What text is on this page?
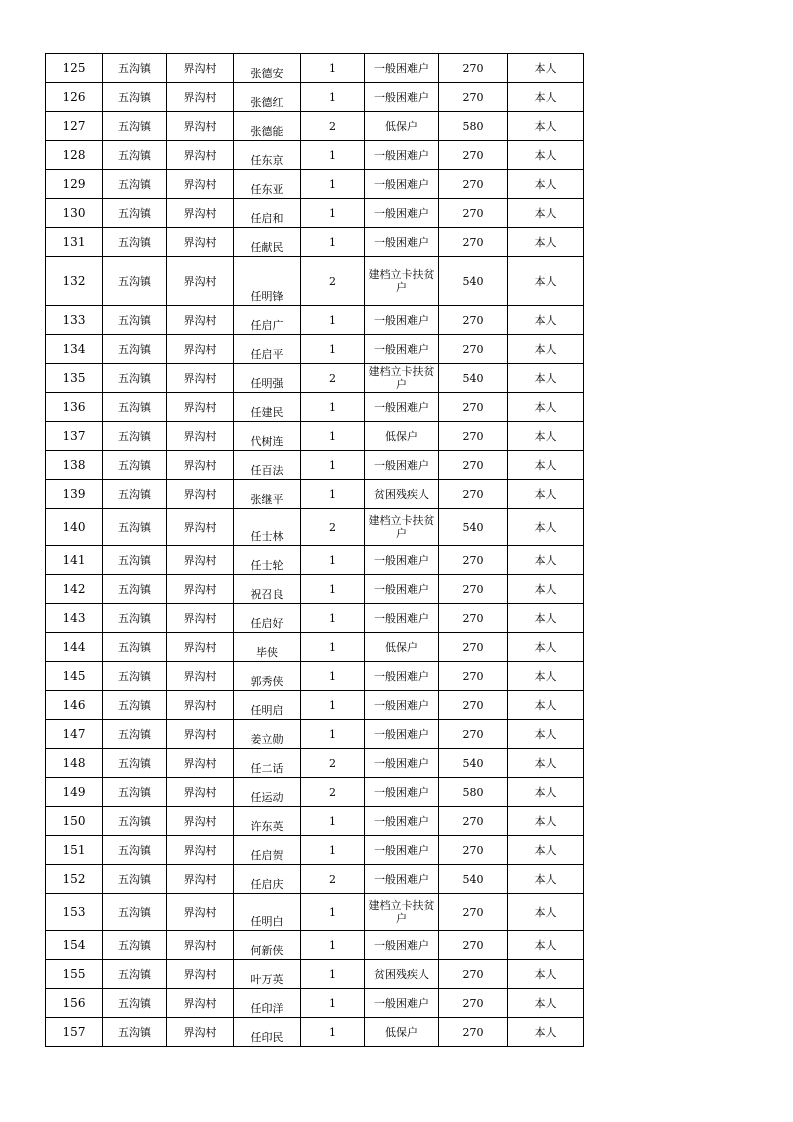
125	五沟镇	界沟村	张德安	1	一般困难户	270	本人
126	五沟镇	界沟村	张德红	1	一般困难户	270	本人
127	五沟镇	界沟村	张德能	2	低保户	580	本人
128	五沟镇	界沟村	任东京	1	一般困难户	270	本人
129	五沟镇	界沟村	任东亚	1	一般困难户	270	本人
130	五沟镇	界沟村	任启和	1	一般困难户	270	本人
131	五沟镇	界沟村	任献民	1	一般困难户	270	本人
132	五沟镇	界沟村	任明锋	2	建档立卡扶贫户	540	本人
133	五沟镇	界沟村	任启广	1	一般困难户	270	本人
134	五沟镇	界沟村	任启平	1	一般困难户	270	本人
135	五沟镇	界沟村	任明强	2	建档立卡扶贫户	540	本人
136	五沟镇	界沟村	任建民	1	一般困难户	270	本人
137	五沟镇	界沟村	代树连	1	低保户	270	本人
138	五沟镇	界沟村	任百法	1	一般困难户	270	本人
139	五沟镇	界沟村	张继平	1	贫困残疾人	270	本人
140	五沟镇	界沟村	任士林	2	建档立卡扶贫户	540	本人
141	五沟镇	界沟村	任士轮	1	一般困难户	270	本人
142	五沟镇	界沟村	祝召良	1	一般困难户	270	本人
143	五沟镇	界沟村	任启好	1	一般困难户	270	本人
144	五沟镇	界沟村	毕侠	1	低保户	270	本人
145	五沟镇	界沟村	郭秀侠	1	一般困难户	270	本人
146	五沟镇	界沟村	任明启	1	一般困难户	270	本人
147	五沟镇	界沟村	姜立勋	1	一般困难户	270	本人
148	五沟镇	界沟村	任二话	2	一般困难户	540	本人
149	五沟镇	界沟村	任运动	2	一般困难户	580	本人
150	五沟镇	界沟村	许东英	1	一般困难户	270	本人
151	五沟镇	界沟村	任启贺	1	一般困难户	270	本人
152	五沟镇	界沟村	任启庆	2	一般困难户	540	本人
153	五沟镇	界沟村	任明白	1	建档立卡扶贫户	270	本人
154	五沟镇	界沟村	何新侠	1	一般困难户	270	本人
155	五沟镇	界沟村	叶万英	1	贫困残疾人	270	本人
156	五沟镇	界沟村	任印洋	1	一般困难户	270	本人
157	五沟镇	界沟村	任印民	1	低保户	270	本人
